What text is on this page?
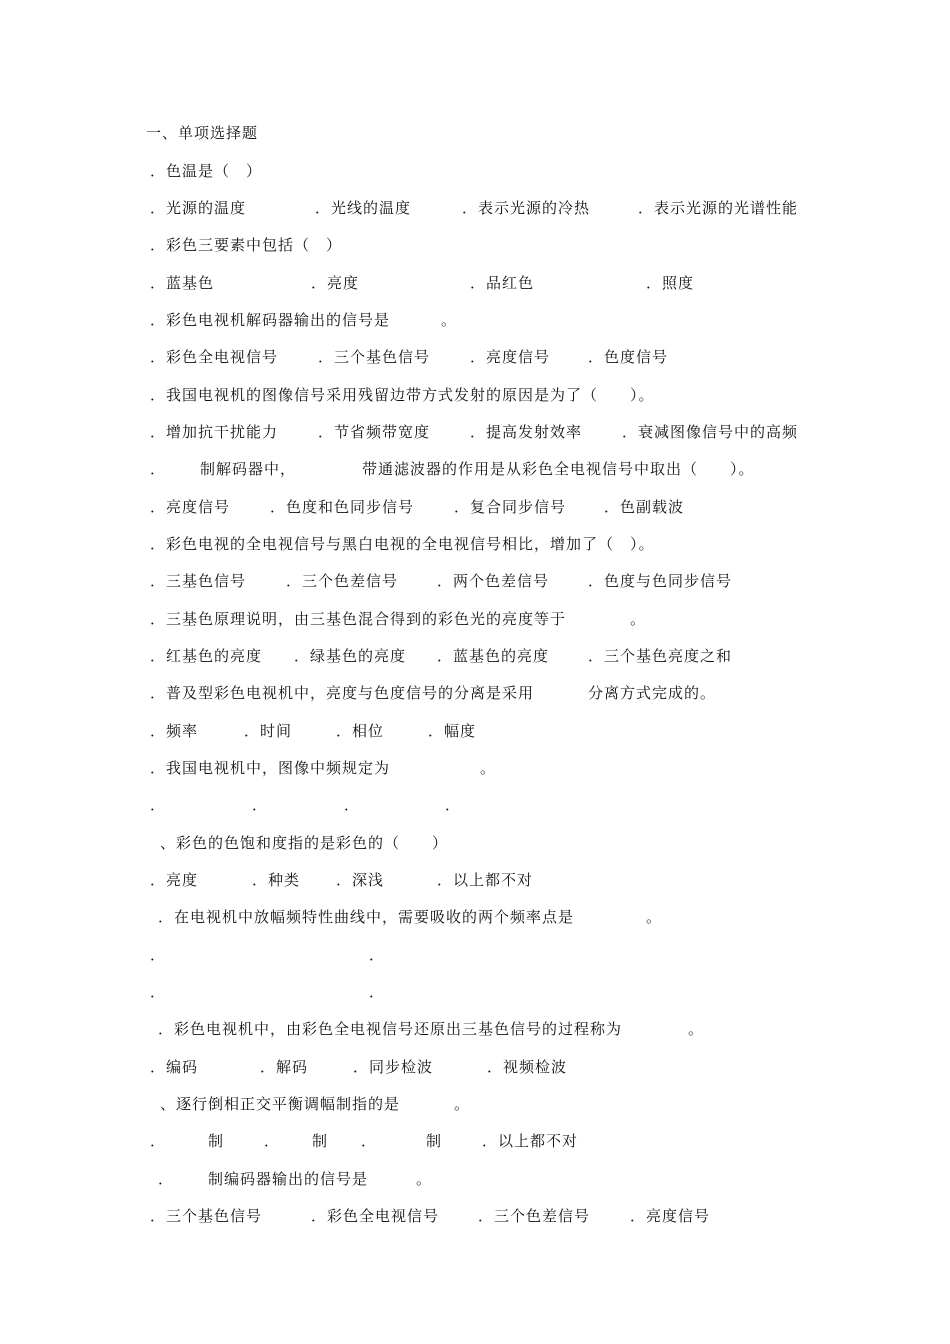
一、单项选择题
．色温是（　）
．光源的温度	．光线的温度	．表示光源的冷热	．表示光源的光谱性能
．彩色三要素中包括（　）
．蓝基色	．亮度	．品红色	．照度
．彩色电视机解码器输出的信号是	。
．彩色全电视信号	．三个基色信号	．亮度信号	．色度信号
．我国电视机的图像信号采用残留边带方式发射的原因是为了（　　）。
．增加抗干扰能力	．节省频带宽度	．提高发射效率	．衰减图像信号中的高频
． 制解码器中，	带通滤波器的作用是从彩色全电视信号中取出（　　）。
．亮度信号	．色度和色同步信号	．复合同步信号	．色副载波
．彩色电视的全电视信号与黑白电视的全电视信号相比，增加了（　）。
．三基色信号	．三个色差信号	．两个色差信号	．色度与色同步信号
．三基色原理说明，由三基色混合得到的彩色光的亮度等于	。
．红基色的亮度 ．绿基色的亮度 ．蓝基色的亮度	．三个基色亮度之和
．普及型彩色电视机中，亮度与色度信号的分离是采用	分离方式完成的。
．频率	．时间	．相位	．幅度
．我国电视机中，图像中频规定为	。
．	．	．	．
、彩色的色饱和度指的是彩色的（　　）
．亮度	．种类 ．深浅	．以上都不对
．在电视机中放幅频特性曲线中，需要吸收的两个频率点是	。
．	．
．	．
．彩色电视机中，由彩色全电视信号还原出三基色信号的过程称为	。
．编码	．解码	．同步检波	．视频检波
、逐行倒相正交平衡调幅制指的是	。
．	制	． 制 ．	制	．以上都不对
． 制编码器输出的信号是	。
．三个基色信号	．彩色全电视信号	．三个色差信号	．亮度信号
